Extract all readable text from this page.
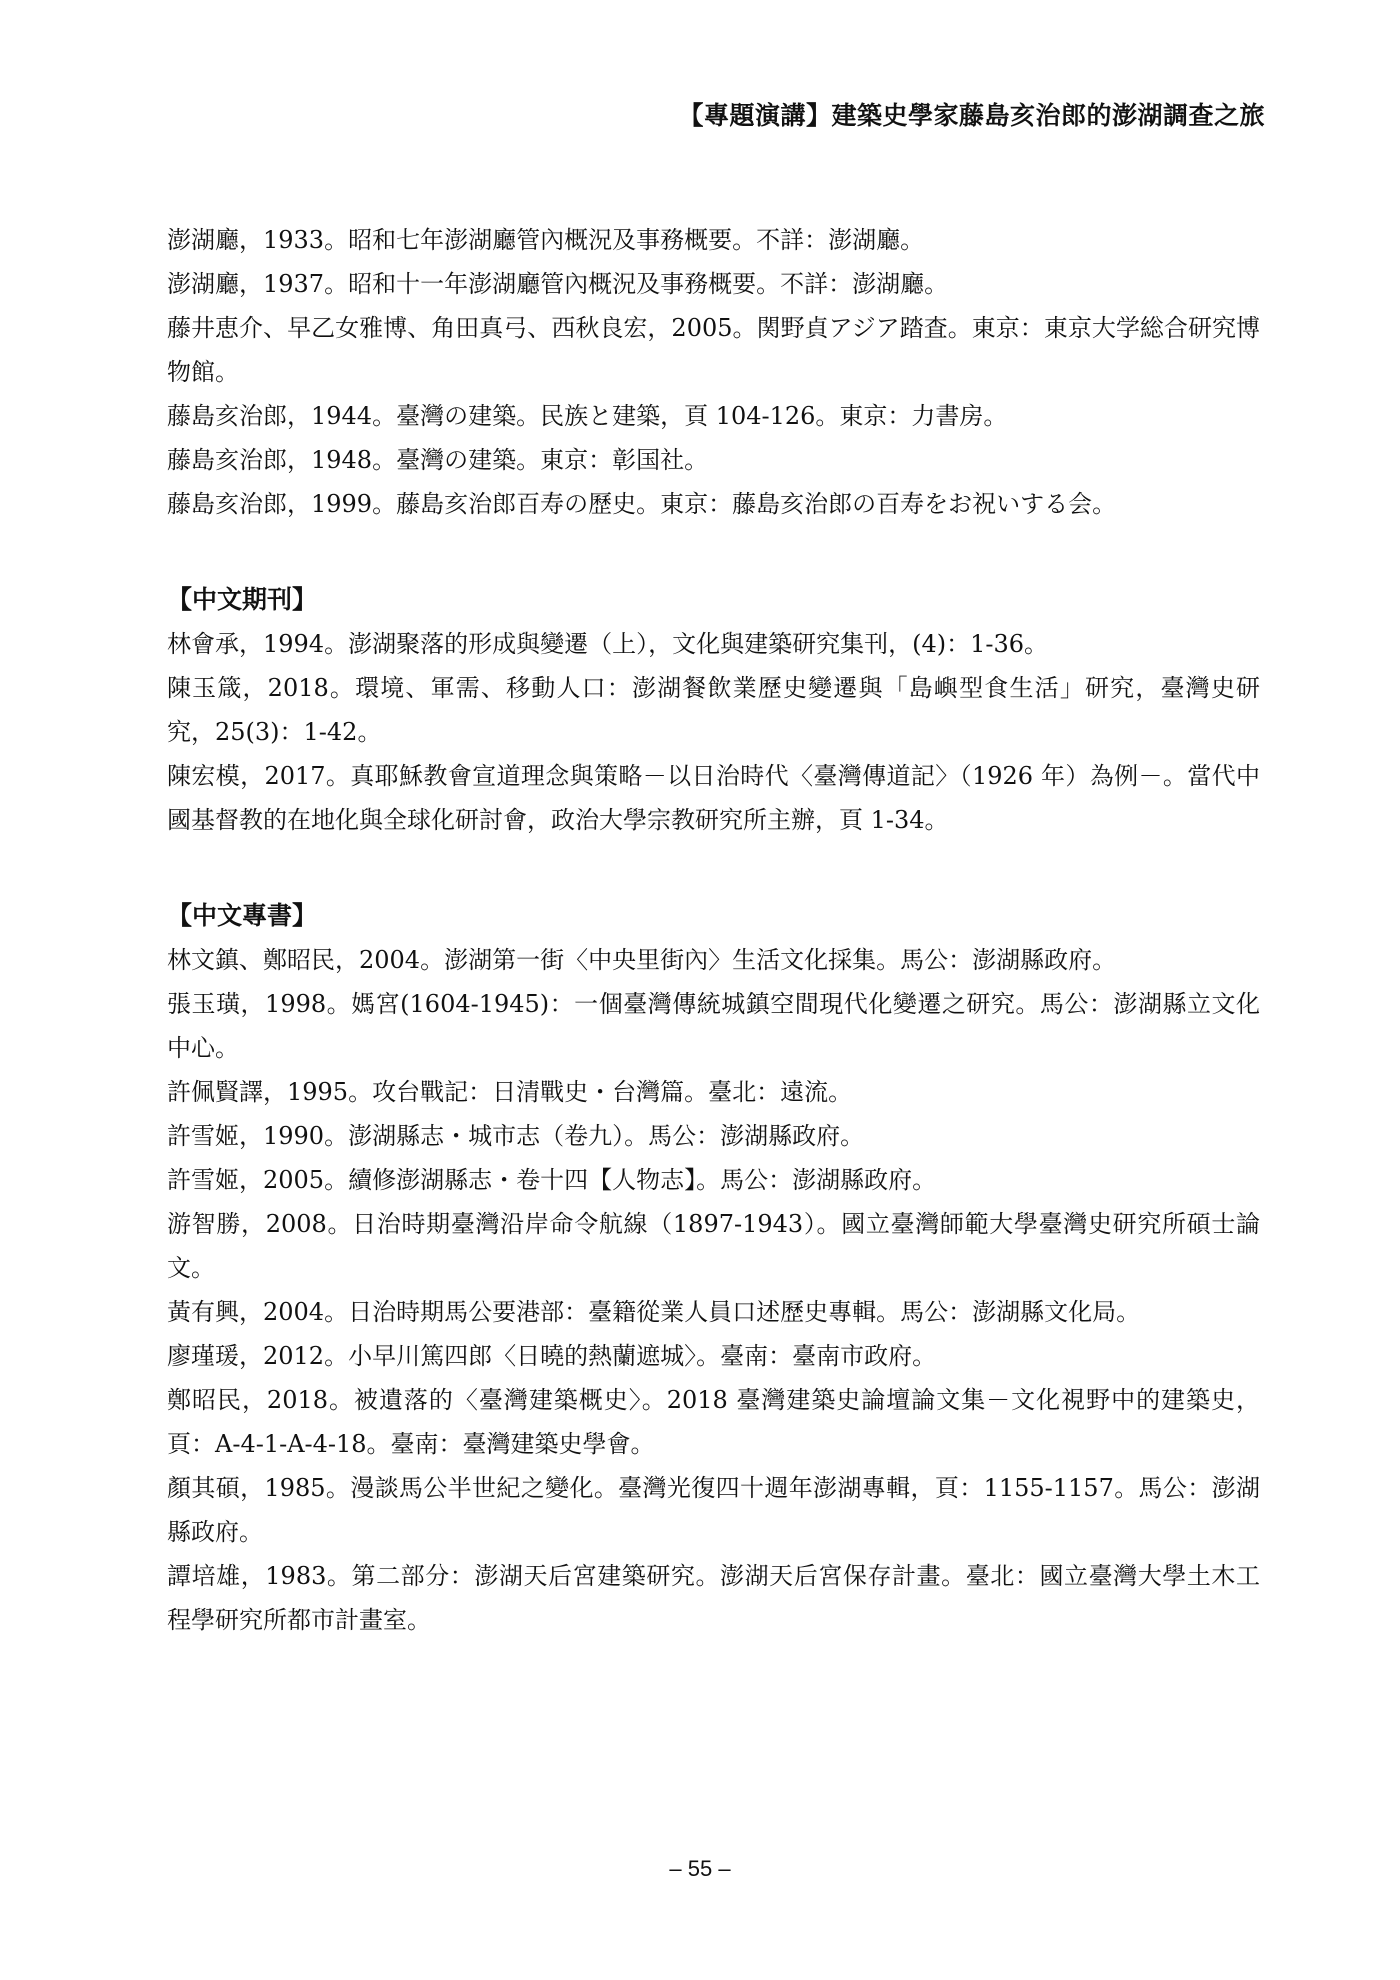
【專題演講】建築史學家藤島亥治郎的澎湖調查之旅
澎湖廳，1933。昭和七年澎湖廳管內概況及事務概要。不詳：澎湖廳。
澎湖廳，1937。昭和十一年澎湖廳管內概況及事務概要。不詳：澎湖廳。
藤井恵介、早乙女雅博、角田真弓、西秋良宏，2005。関野貞アジア踏査。東京：東京大学総合研究博物館。
藤島亥治郎，1944。臺灣の建築。民族と建築，頁 104-126。東京：力書房。
藤島亥治郎，1948。臺灣の建築。東京：彰国社。
藤島亥治郎，1999。藤島亥治郎百寿の歷史。東京：藤島亥治郎の百寿をお祝いする会。
【中文期刊】
林會承，1994。澎湖聚落的形成與變遷（上），文化與建築研究集刊，(4)：1-36。
陳玉箴，2018。環境、軍需、移動人口：澎湖餐飲業歷史變遷與「島嶼型食生活」研究，臺灣史研究，25(3)：1-42。
陳宏模，2017。真耶穌教會宣道理念與策略－以日治時代〈臺灣傳道記〉（1926 年）為例－。當代中國基督教的在地化與全球化研討會，政治大學宗教研究所主辦，頁 1-34。
【中文專書】
林文鎮、鄭昭民，2004。澎湖第一街〈中央里街內〉生活文化採集。馬公：澎湖縣政府。
張玉璜，1998。媽宮(1604-1945)：一個臺灣傳統城鎮空間現代化變遷之研究。馬公：澎湖縣立文化中心。
許佩賢譯，1995。攻台戰記：日清戰史・台灣篇。臺北：遠流。
許雪姬，1990。澎湖縣志・城市志（卷九）。馬公：澎湖縣政府。
許雪姬，2005。續修澎湖縣志・卷十四【人物志】。馬公：澎湖縣政府。
游智勝，2008。日治時期臺灣沿岸命令航線（1897-1943）。國立臺灣師範大學臺灣史研究所碩士論文。
黃有興，2004。日治時期馬公要港部：臺籍從業人員口述歷史專輯。馬公：澎湖縣文化局。
廖瑾瑗，2012。小早川篤四郎〈日曉的熱蘭遮城〉。臺南：臺南市政府。
鄭昭民，2018。被遺落的〈臺灣建築概史〉。2018 臺灣建築史論壇論文集－文化視野中的建築史，頁：A-4-1-A-4-18。臺南：臺灣建築史學會。
顏其碩，1985。漫談馬公半世紀之變化。臺灣光復四十週年澎湖專輯，頁：1155-1157。馬公：澎湖縣政府。
譚培雄，1983。第二部分：澎湖天后宮建築研究。澎湖天后宮保存計畫。臺北：國立臺灣大學土木工程學研究所都市計畫室。
– 55 –
